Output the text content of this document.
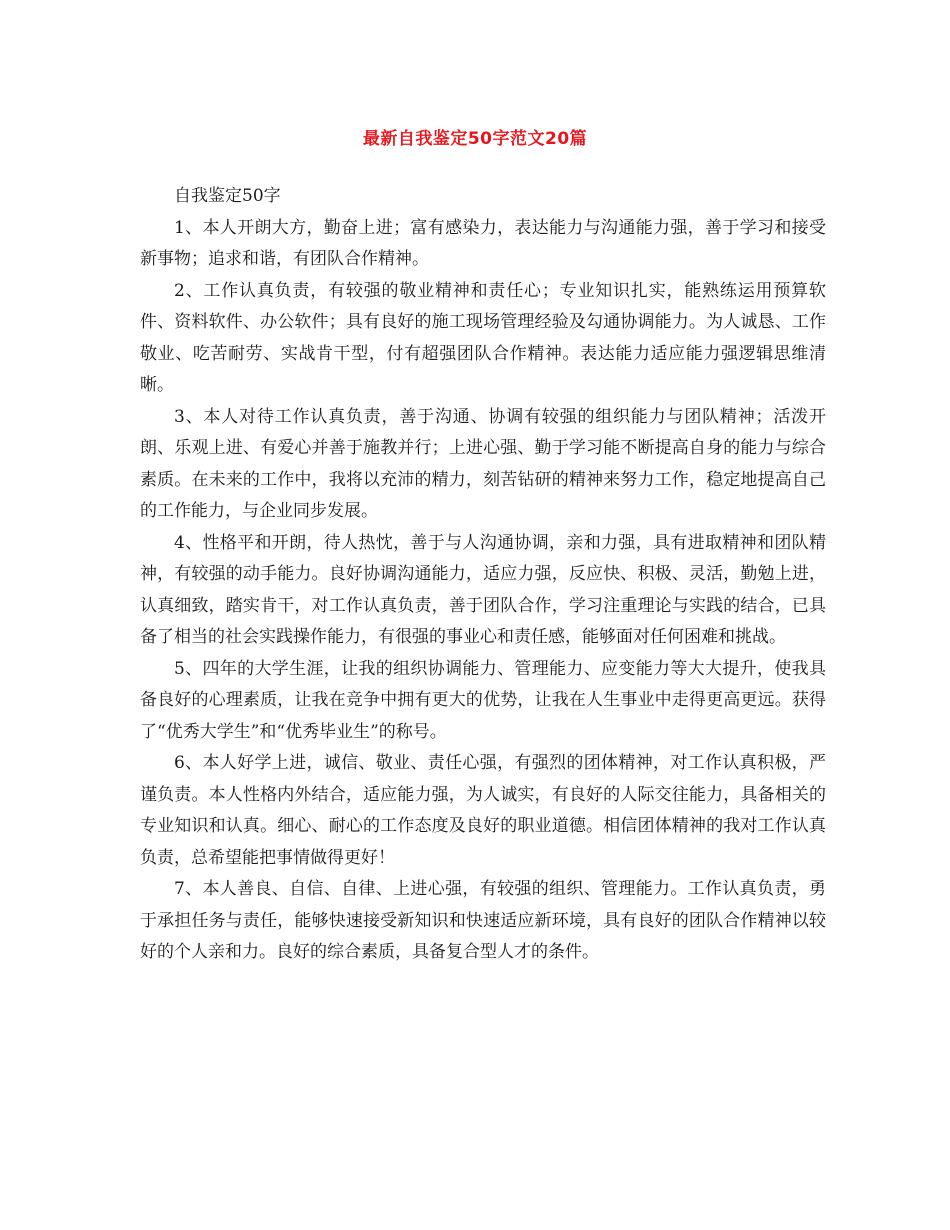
最新自我鉴定50字范文20篇

自我鉴定50字

1、本人开朗大方，勤奋上进；富有感染力，表达能力与沟通能力强，善于学习和接受新事物；追求和谐，有团队合作精神。

2、工作认真负责，有较强的敬业精神和责任心；专业知识扎实，能熟练运用预算软件、资料软件、办公软件；具有良好的施工现场管理经验及勾通协调能力。为人诚恳、工作敬业、吃苦耐劳、实战肯干型，付有超强团队合作精神。表达能力适应能力强逻辑思维清晰。

3、本人对待工作认真负责，善于沟通、协调有较强的组织能力与团队精神；活泼开朗、乐观上进、有爱心并善于施教并行；上进心强、勤于学习能不断提高自身的能力与综合素质。在未来的工作中，我将以充沛的精力，刻苦钻研的精神来努力工作，稳定地提高自己的工作能力，与企业同步发展。

4、性格平和开朗，待人热忱，善于与人沟通协调，亲和力强，具有进取精神和团队精神，有较强的动手能力。良好协调沟通能力，适应力强，反应快、积极、灵活，勤勉上进，认真细致，踏实肯干，对工作认真负责，善于团队合作，学习注重理论与实践的结合，已具备了相当的社会实践操作能力，有很强的事业心和责任感，能够面对任何困难和挑战。

5、四年的大学生涯，让我的组织协调能力、管理能力、应变能力等大大提升，使我具备良好的心理素质，让我在竞争中拥有更大的优势，让我在人生事业中走得更高更远。获得了“优秀大学生”和“优秀毕业生”的称号。

6、本人好学上进，诚信、敬业、责任心强，有强烈的团体精神，对工作认真积极，严谨负责。本人性格内外结合，适应能力强，为人诚实，有良好的人际交往能力，具备相关的专业知识和认真。细心、耐心的工作态度及良好的职业道德。相信团体精神的我对工作认真负责，总希望能把事情做得更好！

7、本人善良、自信、自律、上进心强，有较强的组织、管理能力。工作认真负责，勇于承担任务与责任，能够快速接受新知识和快速适应新环境，具有良好的团队合作精神以较好的个人亲和力。良好的综合素质，具备复合型人才的条件。
